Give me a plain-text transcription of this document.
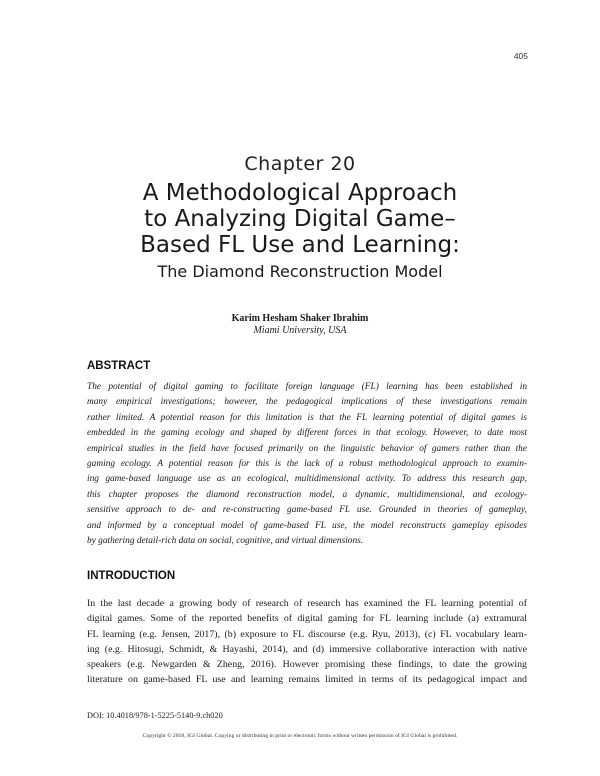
405
Chapter 20
A Methodological Approach
to Analyzing Digital Game–
Based FL Use and Learning:
The Diamond Reconstruction Model
Karim Hesham Shaker Ibrahim
Miami University, USA
ABSTRACT
The potential of digital gaming to facilitate foreign language (FL) learning has been established in
many empirical investigations; however, the pedagogical implications of these investigations remain
rather limited. A potential reason for this limitation is that the FL learning potential of digital games is
embedded in the gaming ecology and shaped by different forces in that ecology. However, to date most
empirical studies in the field have focused primarily on the linguistic behavior of gamers rather than the
gaming ecology. A potential reason for this is the lack of a robust methodological approach to examin-
ing game-based language use as an ecological, multidimensional activity. To address this research gap,
this chapter proposes the diamond reconstruction model, a dynamic, multidimensional, and ecology-
sensitive approach to de- and re-constructing game-based FL use. Grounded in theories of gameplay,
and informed by a conceptual model of game-based FL use, the model reconstructs gameplay episodes
by gathering detail-rich data on social, cognitive, and virtual dimensions.
INTRODUCTION
In the last decade a growing body of research of research has examined the FL learning potential of
digital games. Some of the reported benefits of digital gaming for FL learning include (a) extramural
FL learning (e.g. Jensen, 2017), (b) exposure to FL discourse (e.g. Ryu, 2013), (c) FL vocabulary learn-
ing (e.g. Hitosugi, Schmidt, & Hayashi, 2014), and (d) immersive collaborative interaction with native
speakers (e.g. Newgarden & Zheng, 2016). However promising these findings, to date the growing
literature on game-based FL use and learning remains limited in terms of its pedagogical impact and
DOI: 10.4018/978-1-5225-5140-9.ch020
Copyright © 2018, IGI Global. Copying or distributing in print or electronic forms without written permission of IGI Global is prohibited.
